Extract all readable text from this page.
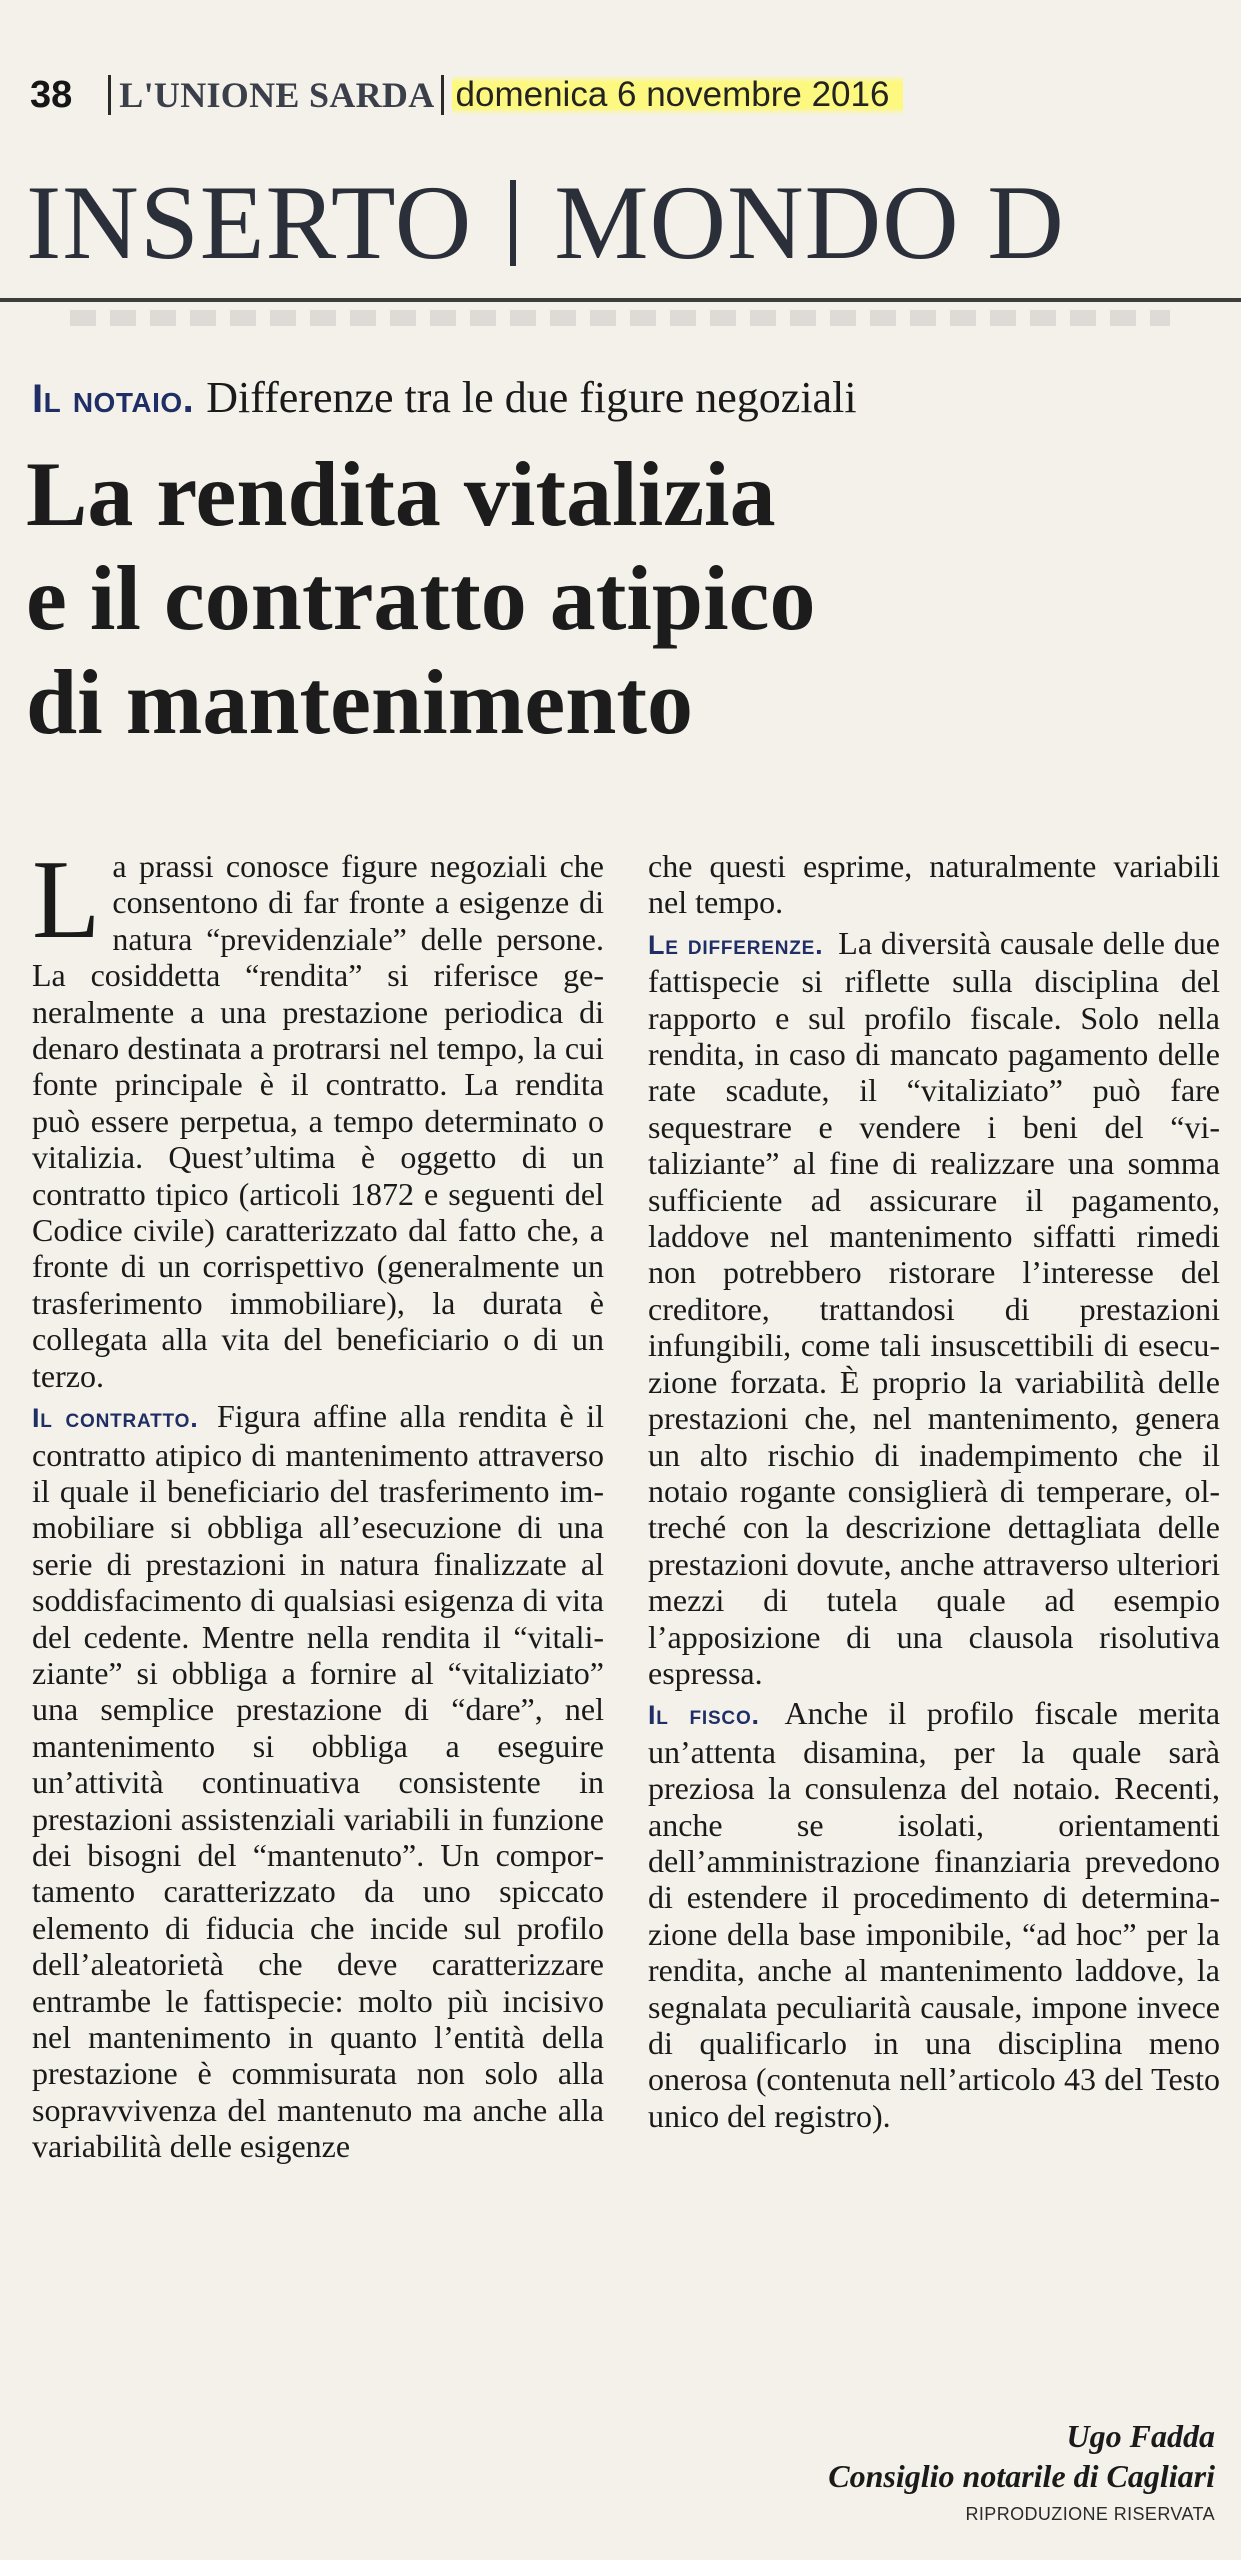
38 L'UNIONE SARDA domenica 6 novembre 2016
INSERTO MONDO D
Il notaio. Differenze tra le due figure negoziali
La rendita vitalizia
e il contratto atipico
di mantenimento

La prassi conosce figure negoziali che consentono di far fronte a esigenze di natura “previdenziale” delle persone. La cosiddetta “rendita” si riferisce generalmente a una prestazione periodica di denaro destinata a protrarsi nel tempo, la cui fonte principale è il contratto. La rendita può essere perpetua, a tempo determinato o vitalizia. Quest’ultima è oggetto di un contratto tipico (articoli 1872 e seguenti del Codice civile) caratterizzato dal fatto che, a fronte di un corrispettivo (generalmente un trasferimento immobiliare), la durata è collegata alla vita del beneficiario o di un terzo.

Il contratto. Figura affine alla rendita è il contratto atipico di mantenimento attraverso il quale il beneficiario del trasferimento immobiliare si obbliga all’esecuzione di una serie di prestazioni in natura finalizzate al soddisfacimento di qualsiasi esigenza di vita del cedente. Mentre nella rendita il “vitaliziante” si obbliga a fornire al “vitaliziato” una semplice prestazione di “dare”, nel mantenimento si obbliga a eseguire un’attività continuativa consistente in prestazioni assistenziali variabili in funzione dei bisogni del “mantenuto”. Un comportamento caratterizzato da uno spiccato elemento di fiducia che incide sul profilo dell’aleatorietà che deve caratterizzare entrambe le fattispecie: molto più incisivo nel mantenimento in quanto l’entità della prestazione è commisurata non solo alla sopravvivenza del mantenuto ma anche alla variabilità delle esigenze

che questi esprime, naturalmente variabili nel tempo.

Le differenze. La diversità causale delle due fattispecie si riflette sulla disciplina del rapporto e sul profilo fiscale. Solo nella rendita, in caso di mancato pagamento delle rate scadute, il “vitaliziato” può fare sequestrare e vendere i beni del “vitaliziante” al fine di realizzare una somma sufficiente ad assicurare il pagamento, laddove nel mantenimento siffatti rimedi non potrebbero ristorare l’interesse del creditore, trattandosi di prestazioni infungibili, come tali insuscettibili di esecuzione forzata. È proprio la variabilità delle prestazioni che, nel mantenimento, genera un alto rischio di inadempimento che il notaio rogante consiglierà di temperare, oltreché con la descrizione dettagliata delle prestazioni dovute, anche attraverso ulteriori mezzi di tutela quale ad esempio l’apposizione di una clausola risolutiva espressa.

Il fisco. Anche il profilo fiscale merita un’attenta disamina, per la quale sarà preziosa la consulenza del notaio. Recenti, anche se isolati, orientamenti dell’amministrazione finanziaria prevedono di estendere il procedimento di determinazione della base imponibile, “ad hoc” per la rendita, anche al mantenimento laddove, la segnalata peculiarità causale, impone invece di qualificarlo in una disciplina meno onerosa (contenuta nell’articolo 43 del Testo unico del registro).

Ugo Fadda
Consiglio notarile di Cagliari
RIPRODUZIONE RISERVATA
